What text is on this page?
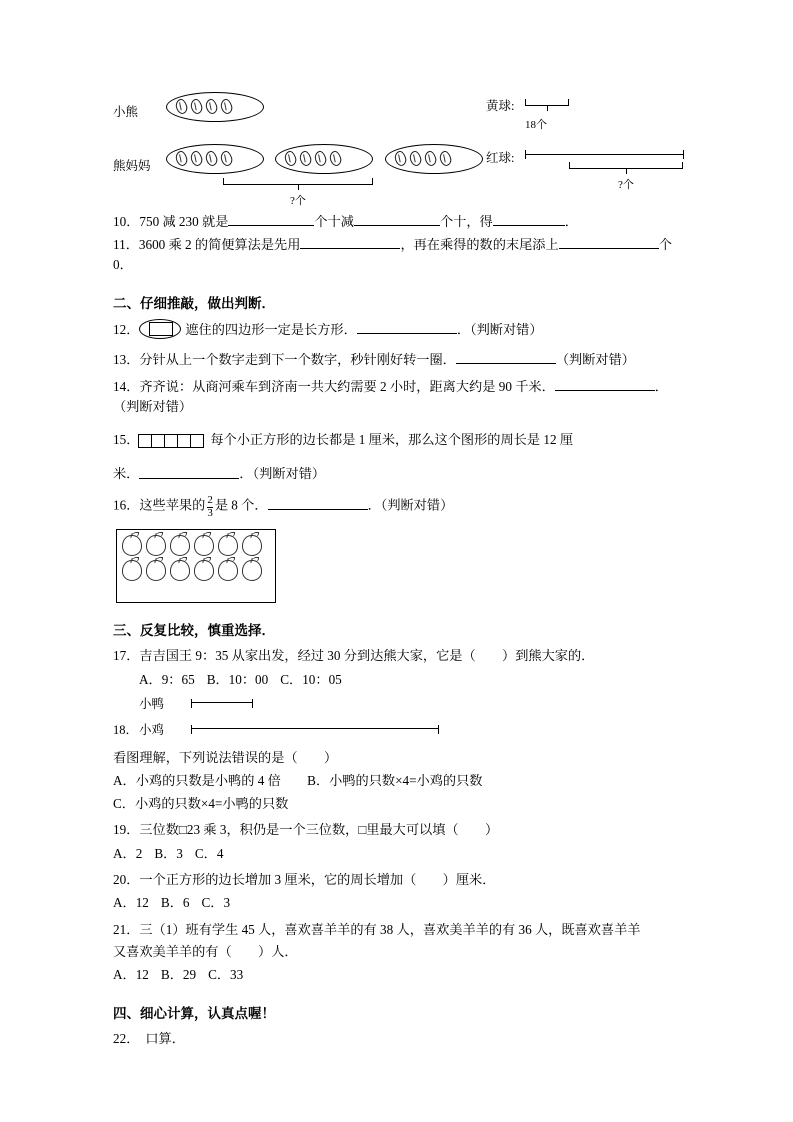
小熊
熊妈妈
?个
黄球:
18个
红球:
?个

10．750 减 230 就是	个十减	个十，得	．

11．3600 乘 2 的简便算法是先用	，再在乘得的数的末尾添上	个 0．

二、仔细推敲，做出判断．

12．	遮住的四边形一定是长方形．	．（判断对错）

13．分针从上一个数字走到下一个数字，秒针刚好转一圈．	（判断对错）

14．齐齐说：从商河乘车到济南一共大约需要 2 小时，距离大约是 90 千米．	．（判断对错）

15．	每个小正方形的边长都是 1 厘米，那么这个图形的周长是 12 厘

米．	．（判断对错）

16．这些苹果的 $\frac{2}{3}$ 是 8 个．	．（判断对错）

三、反复比较，慎重选择．

17．吉吉国王 9：35 从家出发，经过 30 分到达熊大家，它是（　　）到熊大家的．

A．9：65 B．10：00 C．10：05

小鸭
小鸡
18．

看图理解，下列说法错误的是（　　）

A．小鸡的只数是小鸭的 4 倍　　B．小鸭的只数×4=小鸡的只数

C．小鸡的只数×4=小鸭的只数

19．三位数□23 乘 3，积仍是一个三位数，□里最大可以填（　　）

A．2 B．3 C．4

20．一个正方形的边长增加 3 厘米，它的周长增加（　　）厘米．

A．12 B．6 C．3

21．三（1）班有学生 45 人，喜欢喜羊羊的有 38 人，喜欢美羊羊的有 36 人，既喜欢喜羊羊

又喜欢美羊羊的有（　　）人．

A．12 B．29 C．33

四、细心计算，认真点喔！

22． 口算．
